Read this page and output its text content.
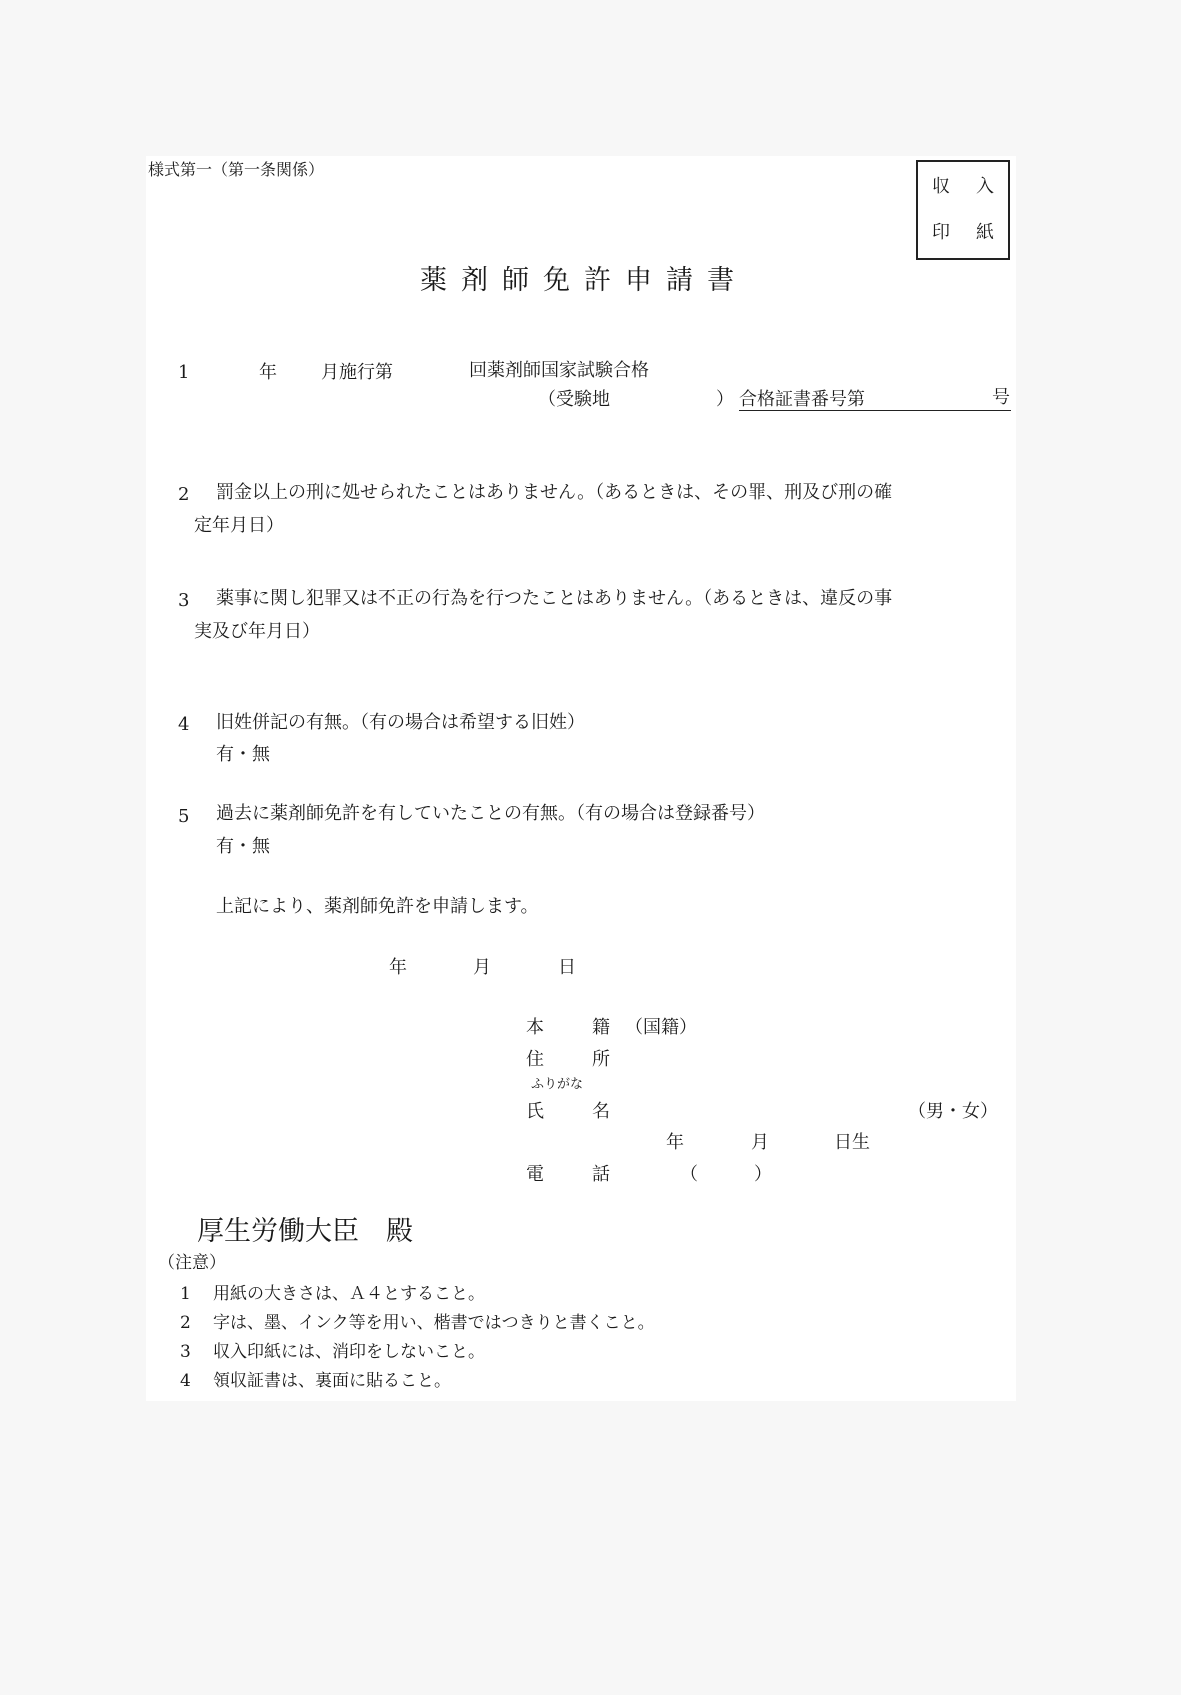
様式第一（第一条関係）
収 入
印 紙
薬剤師免許申請書
1	年 月施行第	回薬剤師国家試験合格
（受験地	） 合格証書番号第	号
2 罰金以上の刑に処せられたことはありません。（あるときは、その罪、刑及び刑の確
定年月日）
3 薬事に関し犯罪又は不正の行為を行つたことはありません。（あるときは、違反の事
実及び年月日）
4 旧姓併記の有無。（有の場合は希望する旧姓）
有・無
5 過去に薬剤師免許を有していたことの有無。（有の場合は登録番号）
有・無
上記により、薬剤師免許を申請します。
年	月	日
本	籍 （国籍）
住	所
ふりがな
氏	名	（男・女）
年	月	日生
電	話	（	）
厚生労働大臣　殿
（注意）
1 用紙の大きさは、Ａ４とすること。
2 字は、墨、インク等を用い、楷書ではつきりと書くこと。
3 収入印紙には、消印をしないこと。
4 領収証書は、裏面に貼ること。
